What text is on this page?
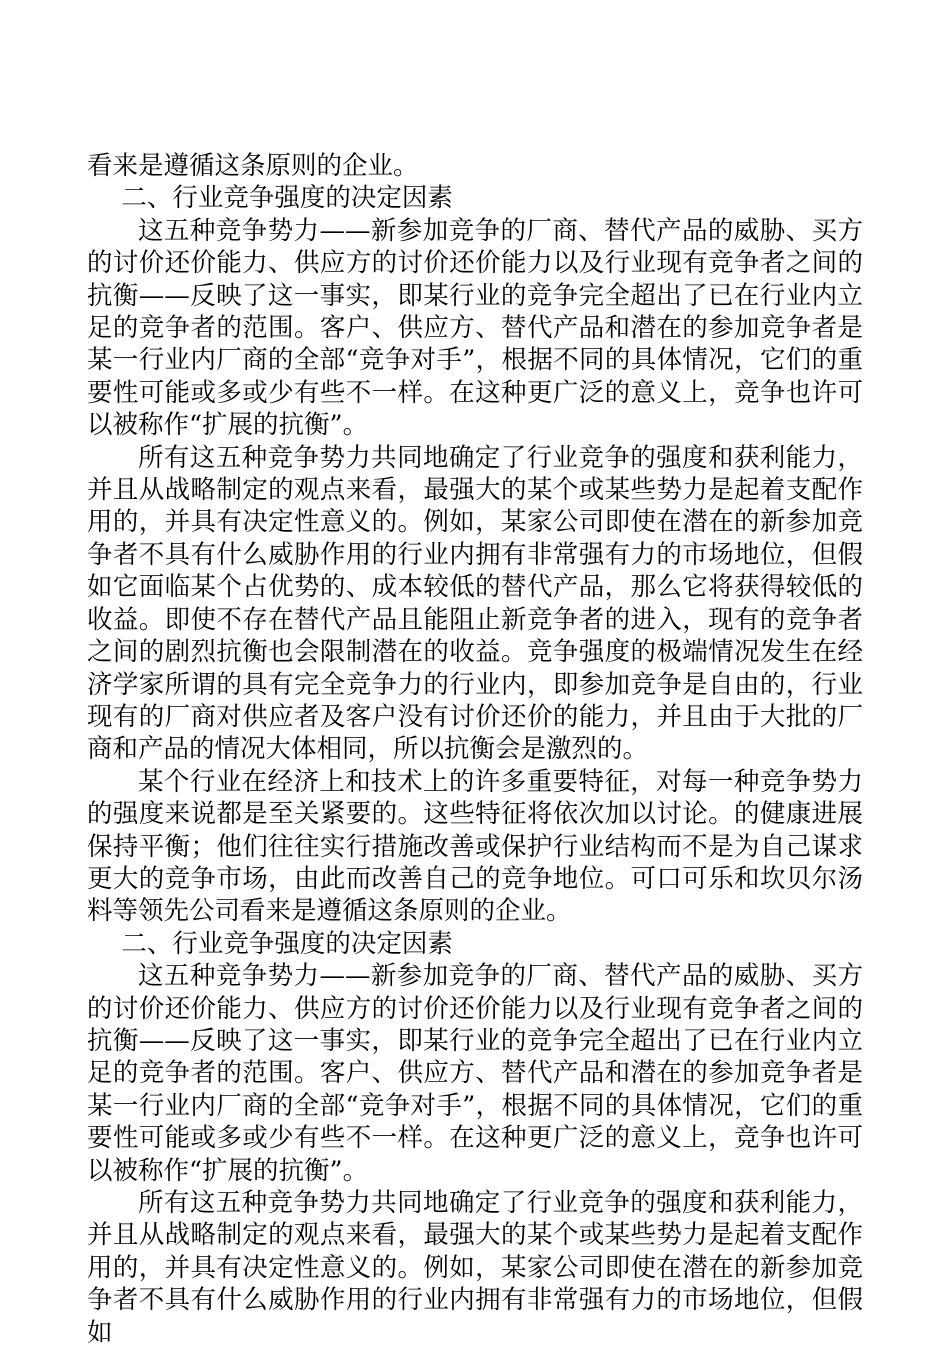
看来是遵循这条原则的企业。

二、行业竞争强度的决定因素

这五种竞争势力——新参加竞争的厂商、替代产品的威胁、买方的讨价还价能力、供应方的讨价还价能力以及行业现有竞争者之间的抗衡——反映了这一事实，即某行业的竞争完全超出了已在行业内立足的竞争者的范围。客户、供应方、替代产品和潜在的参加竞争者是某一行业内厂商的全部“竞争对手”，根据不同的具体情况，它们的重要性可能或多或少有些不一样。在这种更广泛的意义上，竞争也许可以被称作“扩展的抗衡”。

所有这五种竞争势力共同地确定了行业竞争的强度和获利能力，并且从战略制定的观点来看，最强大的某个或某些势力是起着支配作用的，并具有决定性意义的。例如，某家公司即使在潜在的新参加竞争者不具有什么威胁作用的行业内拥有非常强有力的市场地位，但假如它面临某个占优势的、成本较低的替代产品，那么它将获得较低的收益。即使不存在替代产品且能阻止新竞争者的进入，现有的竞争者之间的剧烈抗衡也会限制潜在的收益。竞争强度的极端情况发生在经济学家所谓的具有完全竞争力的行业内，即参加竞争是自由的，行业现有的厂商对供应者及客户没有讨价还价的能力，并且由于大批的厂商和产品的情况大体相同，所以抗衡会是激烈的。

某个行业在经济上和技术上的许多重要特征，对每一种竞争势力的强度来说都是至关紧要的。这些特征将依次加以讨论。的健康进展保持平衡；他们往往实行措施改善或保护行业结构而不是为自己谋求更大的竞争市场，由此而改善自己的竞争地位。可口可乐和坎贝尔汤料等领先公司看来是遵循这条原则的企业。

二、行业竞争强度的决定因素

这五种竞争势力——新参加竞争的厂商、替代产品的威胁、买方的讨价还价能力、供应方的讨价还价能力以及行业现有竞争者之间的抗衡——反映了这一事实，即某行业的竞争完全超出了已在行业内立足的竞争者的范围。客户、供应方、替代产品和潜在的参加竞争者是某一行业内厂商的全部“竞争对手”，根据不同的具体情况，它们的重要性可能或多或少有些不一样。在这种更广泛的意义上，竞争也许可以被称作“扩展的抗衡”。

所有这五种竞争势力共同地确定了行业竞争的强度和获利能力，并且从战略制定的观点来看，最强大的某个或某些势力是起着支配作用的，并具有决定性意义的。例如，某家公司即使在潜在的新参加竞争者不具有什么威胁作用的行业内拥有非常强有力的市场地位，但假如
